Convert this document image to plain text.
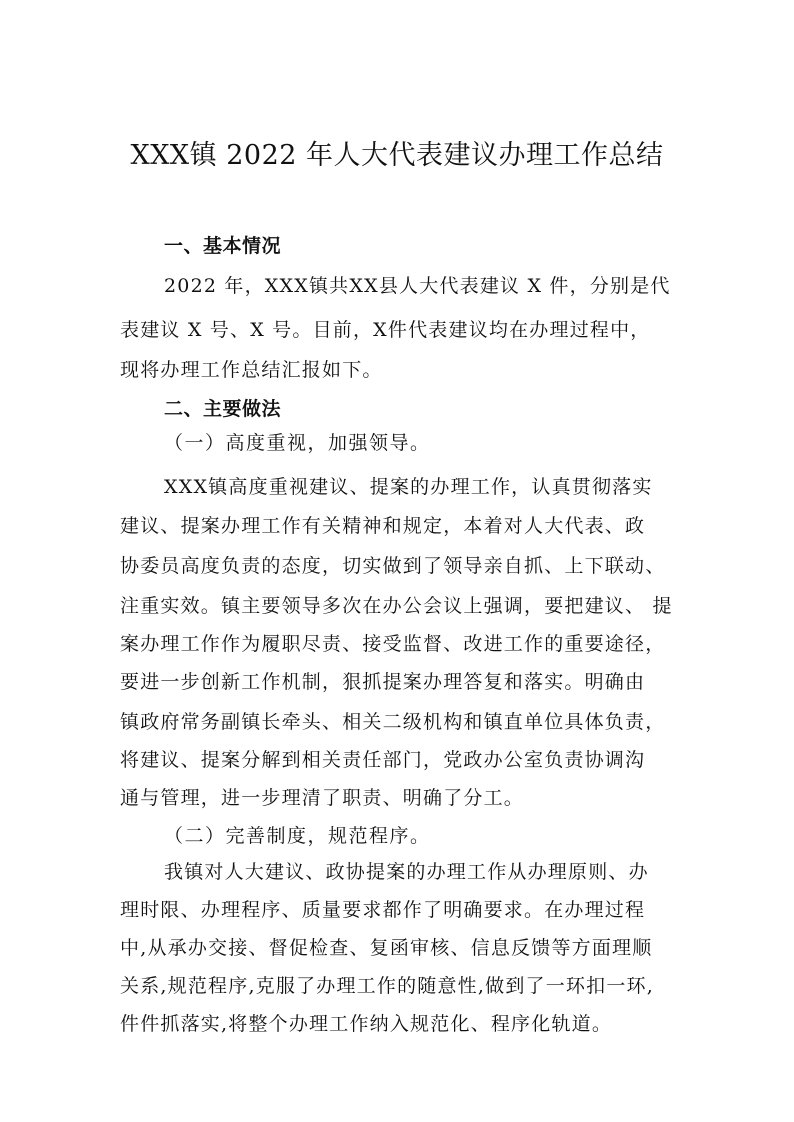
XXX镇 2022 年人大代表建议办理工作总结
一、基本情况
2022 年，XXX镇共XX县人大代表建议 X 件，分别是代
表建议 X 号、X 号。目前，X件代表建议均在办理过程中，
现将办理工作总结汇报如下。
二、主要做法
（一）高度重视，加强领导。
XXX镇高度重视建议、提案的办理工作，认真贯彻落实
建议、提案办理工作有关精神和规定，本着对人大代表、政
协委员高度负责的态度，切实做到了领导亲自抓、上下联动、
注重实效。镇主要领导多次在办公会议上强调，要把建议、 提
案办理工作作为履职尽责、接受监督、改进工作的重要途径，
要进一步创新工作机制，狠抓提案办理答复和落实。明确由
镇政府常务副镇长牵头、相关二级机构和镇直单位具体负责，
将建议、提案分解到相关责任部门，党政办公室负责协调沟
通与管理，进一步理清了职责、明确了分工。
（二）完善制度，规范程序。
我镇对人大建议、政协提案的办理工作从办理原则、办
理时限、办理程序、质量要求都作了明确要求。在办理过程
中,从承办交接、督促检查、复函审核、信息反馈等方面理顺
关系,规范程序,克服了办理工作的随意性,做到了一环扣一环,
件件抓落实,将整个办理工作纳入规范化、程序化轨道。
